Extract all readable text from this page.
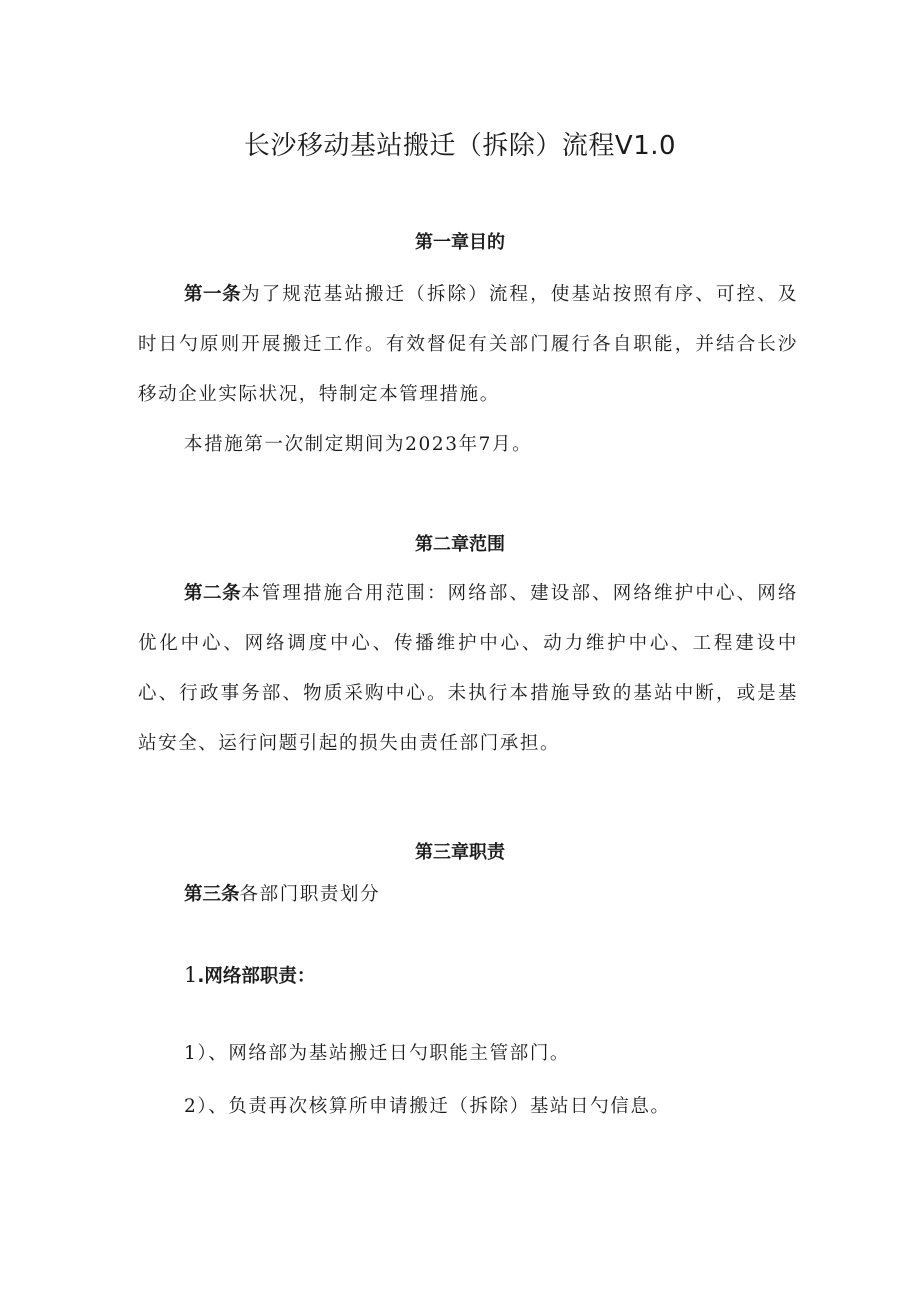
长沙移动基站搬迁（拆除）流程V1.0
第一章目的

第一条为了规范基站搬迁（拆除）流程，使基站按照有序、可控、及时日勺原则开展搬迁工作。有效督促有关部门履行各自职能，并结合长沙移动企业实际状况，特制定本管理措施。

本措施第一次制定期间为2023年7月。

第二章范围

第二条本管理措施合用范围：网络部、建设部、网络维护中心、网络优化中心、网络调度中心、传播维护中心、动力维护中心、工程建设中心、行政事务部、物质采购中心。未执行本措施导致的基站中断，或是基站安全、运行问题引起的损失由责任部门承担。

第三章职责

第三条各部门职责划分

1.网络部职责：

1）、网络部为基站搬迁日勺职能主管部门。

2）、负责再次核算所申请搬迁（拆除）基站日勺信息。
